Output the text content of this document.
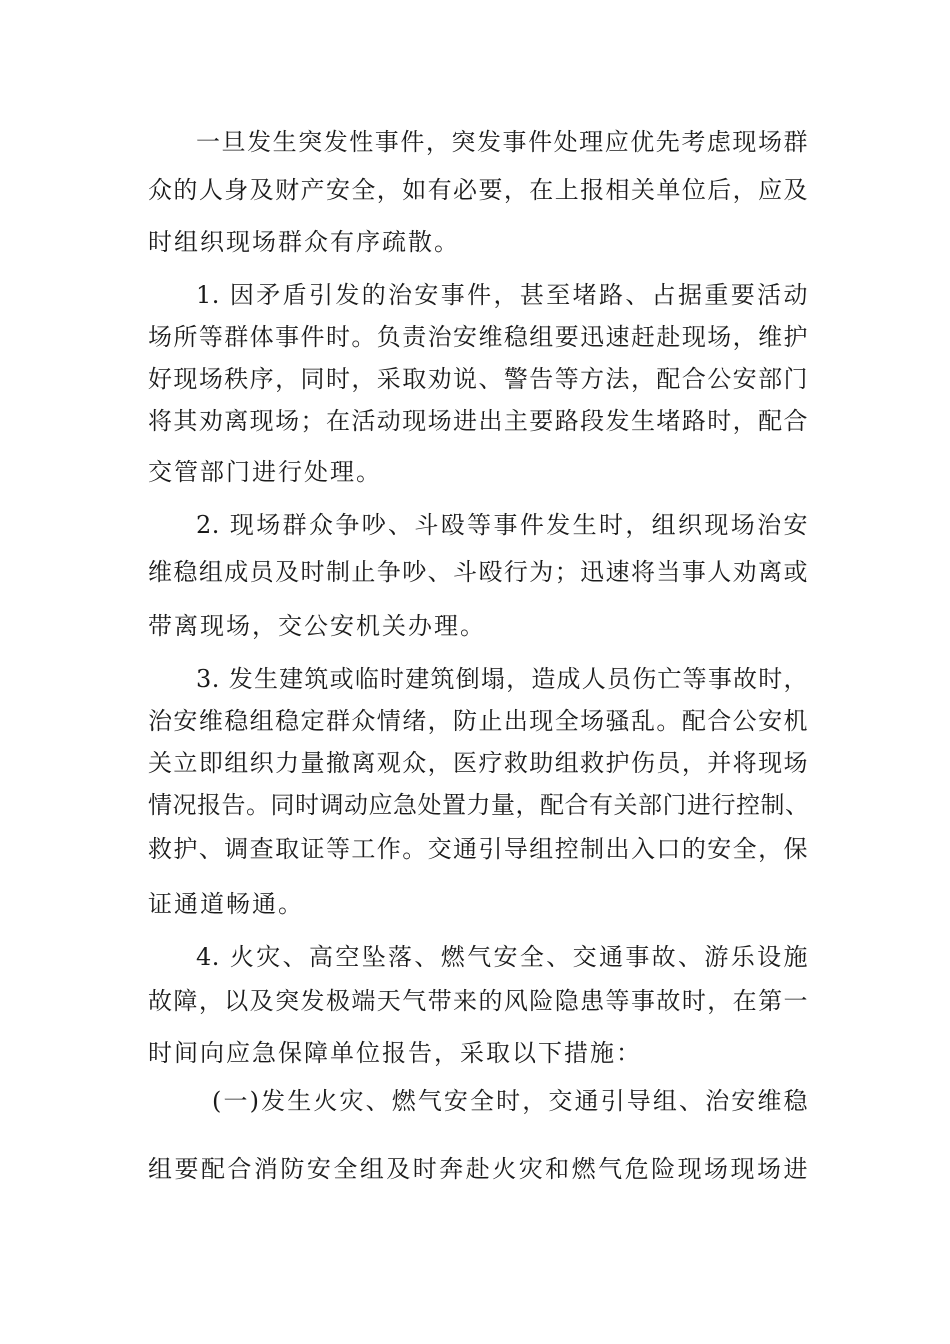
一旦发生突发性事件，突发事件处理应优先考虑现场群
众的人身及财产安全，如有必要，在上报相关单位后，应及
时组织现场群众有序疏散。
1. 因矛盾引发的治安事件，甚至堵路、占据重要活动
场所等群体事件时。负责治安维稳组要迅速赶赴现场，维护
好现场秩序，同时，采取劝说、警告等方法，配合公安部门
将其劝离现场；在活动现场进出主要路段发生堵路时，配合
交管部门进行处理。
2. 现场群众争吵、斗殴等事件发生时，组织现场治安
维稳组成员及时制止争吵、斗殴行为；迅速将当事人劝离或
带离现场，交公安机关办理。
3. 发生建筑或临时建筑倒塌，造成人员伤亡等事故时，
治安维稳组稳定群众情绪，防止出现全场骚乱。配合公安机
关立即组织力量撤离观众，医疗救助组救护伤员，并将现场
情况报告。同时调动应急处置力量，配合有关部门进行控制、
救护、调查取证等工作。交通引导组控制出入口的安全，保
证通道畅通。
4. 火灾、高空坠落、燃气安全、交通事故、游乐设施
故障，以及突发极端天气带来的风险隐患等事故时，在第一
时间向应急保障单位报告，采取以下措施：
(一)发生火灾、燃气安全时，交通引导组、治安维稳
组要配合消防安全组及时奔赴火灾和燃气危险现场现场进
